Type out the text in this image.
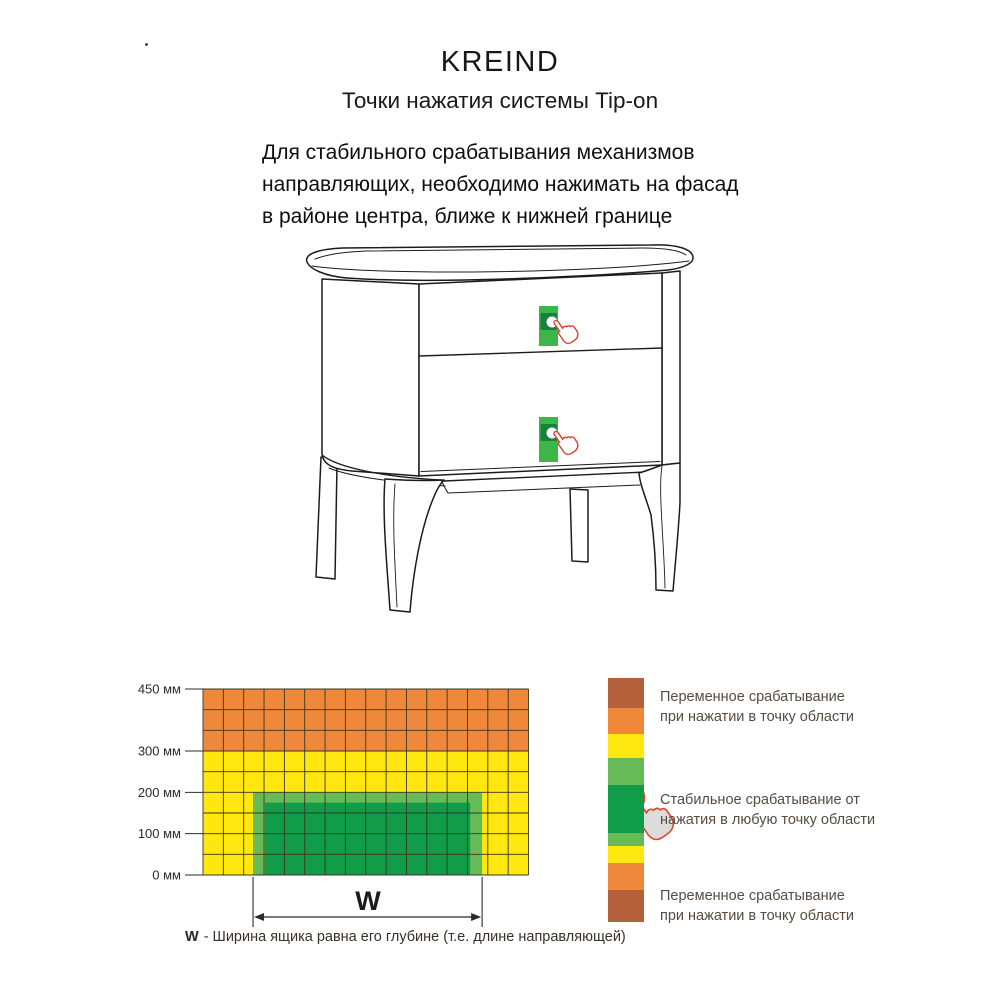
KREIND
Точки нажатия системы Tip-on
Для стабильного срабатывания механизмов
направляющих, необходимо нажимать на фасад
в районе центра, ближе к нижней границе
450 мм
300 мм
200 мм
100 мм
0 мм
W
Переменное срабатывание
при нажатии в точку области
Стабильное срабатывание от
нажатия в любую точку области
Переменное срабатывание
при нажатии в точку области
W - Ширина ящика равна его глубине (т.е. длине направляющей)
